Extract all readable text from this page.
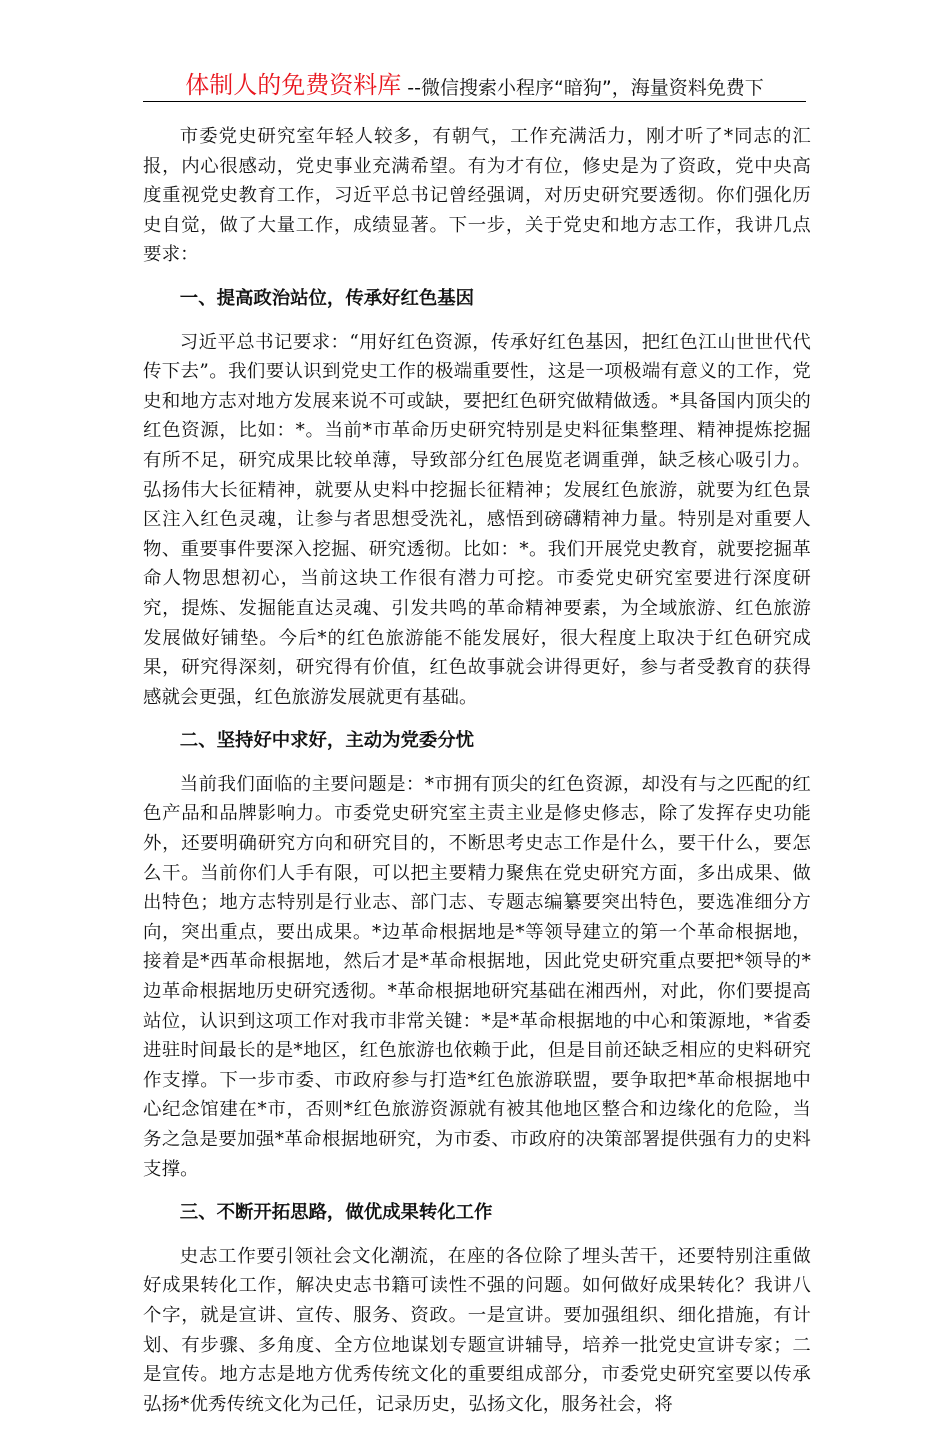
体制人的免费资料库 --微信搜索小程序“暗狗”，海量资料免费下

市委党史研究室年轻人较多，有朝气，工作充满活力，刚才听了*同志的汇报，内心很感动，党史事业充满希望。有为才有位，修史是为了资政，党中央高度重视党史教育工作，习近平总书记曾经强调，对历史研究要透彻。你们强化历史自觉，做了大量工作，成绩显著。下一步，关于党史和地方志工作，我讲几点要求：

一、提高政治站位，传承好红色基因

习近平总书记要求：“用好红色资源，传承好红色基因，把红色江山世世代代传下去”。我们要认识到党史工作的极端重要性，这是一项极端有意义的工作，党史和地方志对地方发展来说不可或缺，要把红色研究做精做透。*具备国内顶尖的红色资源，比如：*。当前*市革命历史研究特别是史料征集整理、精神提炼挖掘有所不足，研究成果比较单薄，导致部分红色展览老调重弹，缺乏核心吸引力。弘扬伟大长征精神，就要从史料中挖掘长征精神；发展红色旅游，就要为红色景区注入红色灵魂，让参与者思想受洗礼，感悟到磅礴精神力量。特别是对重要人物、重要事件要深入挖掘、研究透彻。比如：*。我们开展党史教育，就要挖掘革命人物思想初心，当前这块工作很有潜力可挖。市委党史研究室要进行深度研究，提炼、发掘能直达灵魂、引发共鸣的革命精神要素，为全域旅游、红色旅游发展做好铺垫。今后*的红色旅游能不能发展好，很大程度上取决于红色研究成果，研究得深刻，研究得有价值，红色故事就会讲得更好，参与者受教育的获得感就会更强，红色旅游发展就更有基础。

二、坚持好中求好，主动为党委分忧

当前我们面临的主要问题是：*市拥有顶尖的红色资源，却没有与之匹配的红色产品和品牌影响力。市委党史研究室主责主业是修史修志，除了发挥存史功能外，还要明确研究方向和研究目的，不断思考史志工作是什么，要干什么，要怎么干。当前你们人手有限，可以把主要精力聚焦在党史研究方面，多出成果、做出特色；地方志特别是行业志、部门志、专题志编纂要突出特色，要选准细分方向，突出重点，要出成果。*边革命根据地是*等领导建立的第一个革命根据地，接着是*西革命根据地，然后才是*革命根据地，因此党史研究重点要把*领导的*边革命根据地历史研究透彻。*革命根据地研究基础在湘西州，对此，你们要提高站位，认识到这项工作对我市非常关键：*是*革命根据地的中心和策源地，*省委进驻时间最长的是*地区，红色旅游也依赖于此，但是目前还缺乏相应的史料研究作支撑。下一步市委、市政府参与打造*红色旅游联盟，要争取把*革命根据地中心纪念馆建在*市，否则*红色旅游资源就有被其他地区整合和边缘化的危险，当务之急是要加强*革命根据地研究，为市委、市政府的决策部署提供强有力的史料支撑。

三、不断开拓思路，做优成果转化工作

史志工作要引领社会文化潮流，在座的各位除了埋头苦干，还要特别注重做好成果转化工作，解决史志书籍可读性不强的问题。如何做好成果转化？我讲八个字，就是宣讲、宣传、服务、资政。一是宣讲。要加强组织、细化措施，有计划、有步骤、多角度、全方位地谋划专题宣讲辅导，培养一批党史宣讲专家；二是宣传。地方志是地方优秀传统文化的重要组成部分，市委党史研究室要以传承弘扬*优秀传统文化为己任，记录历史，弘扬文化，服务社会，将
